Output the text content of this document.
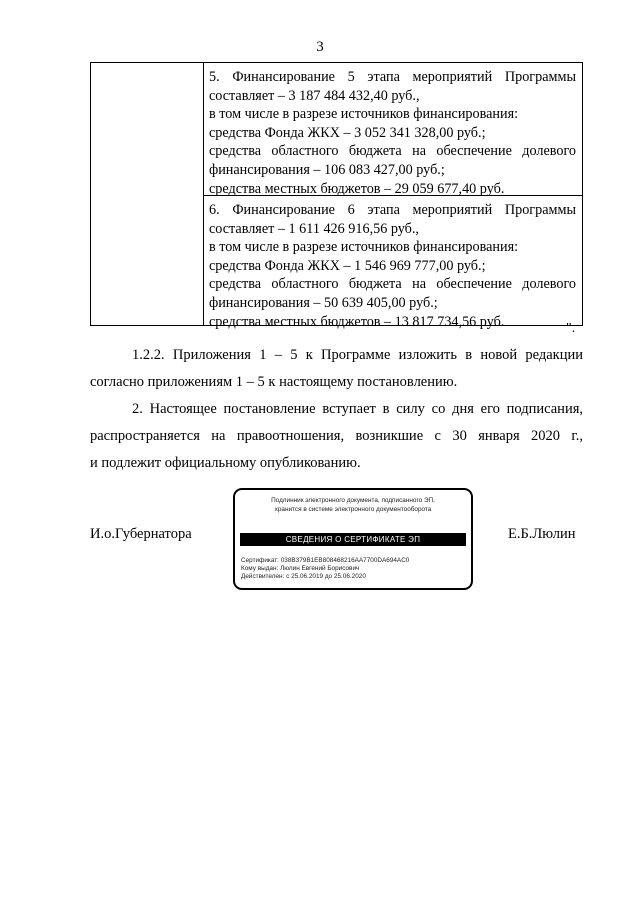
3
5. Финансирование 5 этапа мероприятий Программы
составляет – 3 187 484 432,40 руб.,
в том числе в разрезе источников финансирования:
средства Фонда ЖКХ – 3 052 341 328,00 руб.;
средства областного бюджета на обеспечение долевого
финансирования – 106 083 427,00 руб.;
средства местных бюджетов – 29 059 677,40 руб.
6. Финансирование 6 этапа мероприятий Программы
составляет – 1 611 426 916,56 руб.,
в том числе в разрезе источников финансирования:
средства Фонда ЖКХ – 1 546 969 777,00 руб.;
средства областного бюджета на обеспечение долевого
финансирования – 50 639 405,00 руб.;
средства местных бюджетов – 13 817 734,56 руб.	".
1.2.2. Приложения 1 – 5 к Программе изложить в новой редакции
согласно приложениям 1 – 5 к настоящему постановлению.
2. Настоящее постановление вступает в силу со дня его подписания,
распространяется на правоотношения, возникшие с 30 января 2020 г.,
и подлежит официальному опубликованию.
И.о.Губернатора
Подлинник электронного документа, подписанного ЭП,
хранится в системе электронного документооборота
СВЕДЕНИЯ О СЕРТИФИКАТЕ ЭП
Сертификат: 038B379B1EB808468216AA7700DA694AC0
Кому выдан: Люлин Евгений Борисович
Действителен: с 25.06.2019 до 25.06.2020
Е.Б.Люлин
